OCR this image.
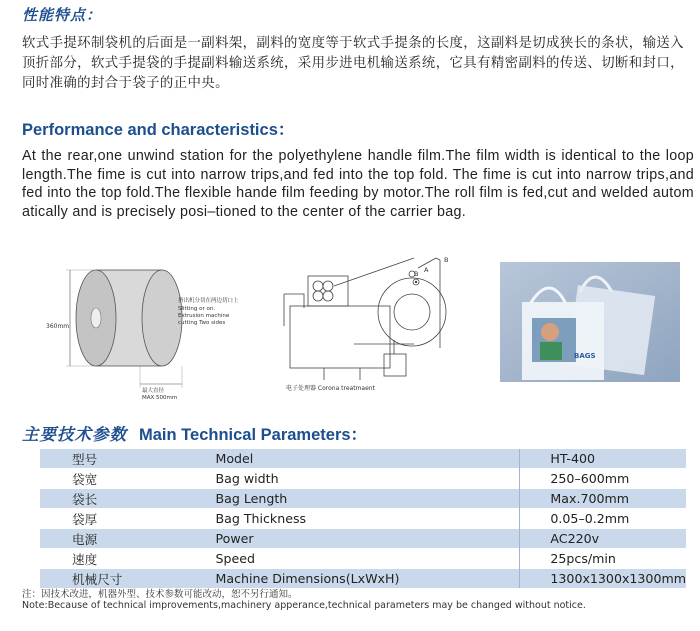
性能特点：
软式手提环制袋机的后面是一副料架，副料的宽度等于软式手提条的长度，这副料是切成狭长的条状，输送入顶折部分，软式手提袋的手提副料输送系统，采用步进电机输送系统，它具有精密副料的传送、切断和封口，同时准确的封合于袋子的正中央。
Performance and characteristics：
At the rear,one unwind station for the polyethylene handle film.The film width is identical to the loop length.The fime is cut into narrow trips,and fed into the top fold. The fime is cut into narrow trips,and fed into the top fold.The flexible hande film feeding by motor.The roll film is fed,cut and welded autom atically and is precisely posi–tioned to the center of the carrier bag.
360mm
挤出机分切在两边切口上
Slitting or on.
Extrusion machine
cutting Two sides
最大直径
MAX 500mm
B A
B
电子处理器 Corona treatmaent
BAGS
主要技术参数 Main Technical Parameters：
型号	Model	HT-400
袋宽	Bag width	250–600mm
袋长	Bag Length	Max.700mm
袋厚	Bag Thickness	0.05–0.2mm
电源	Power	AC220v
速度	Speed	25pcs/min
机械尺寸	Machine Dimensions(LxWxH)	1300x1300x1300mm
注：因技术改进，机器外型、技术参数可能改动，恕不另行通知。
Note:Because of technical improvements,machinery apperance,technical parameters may be changed without notice.
